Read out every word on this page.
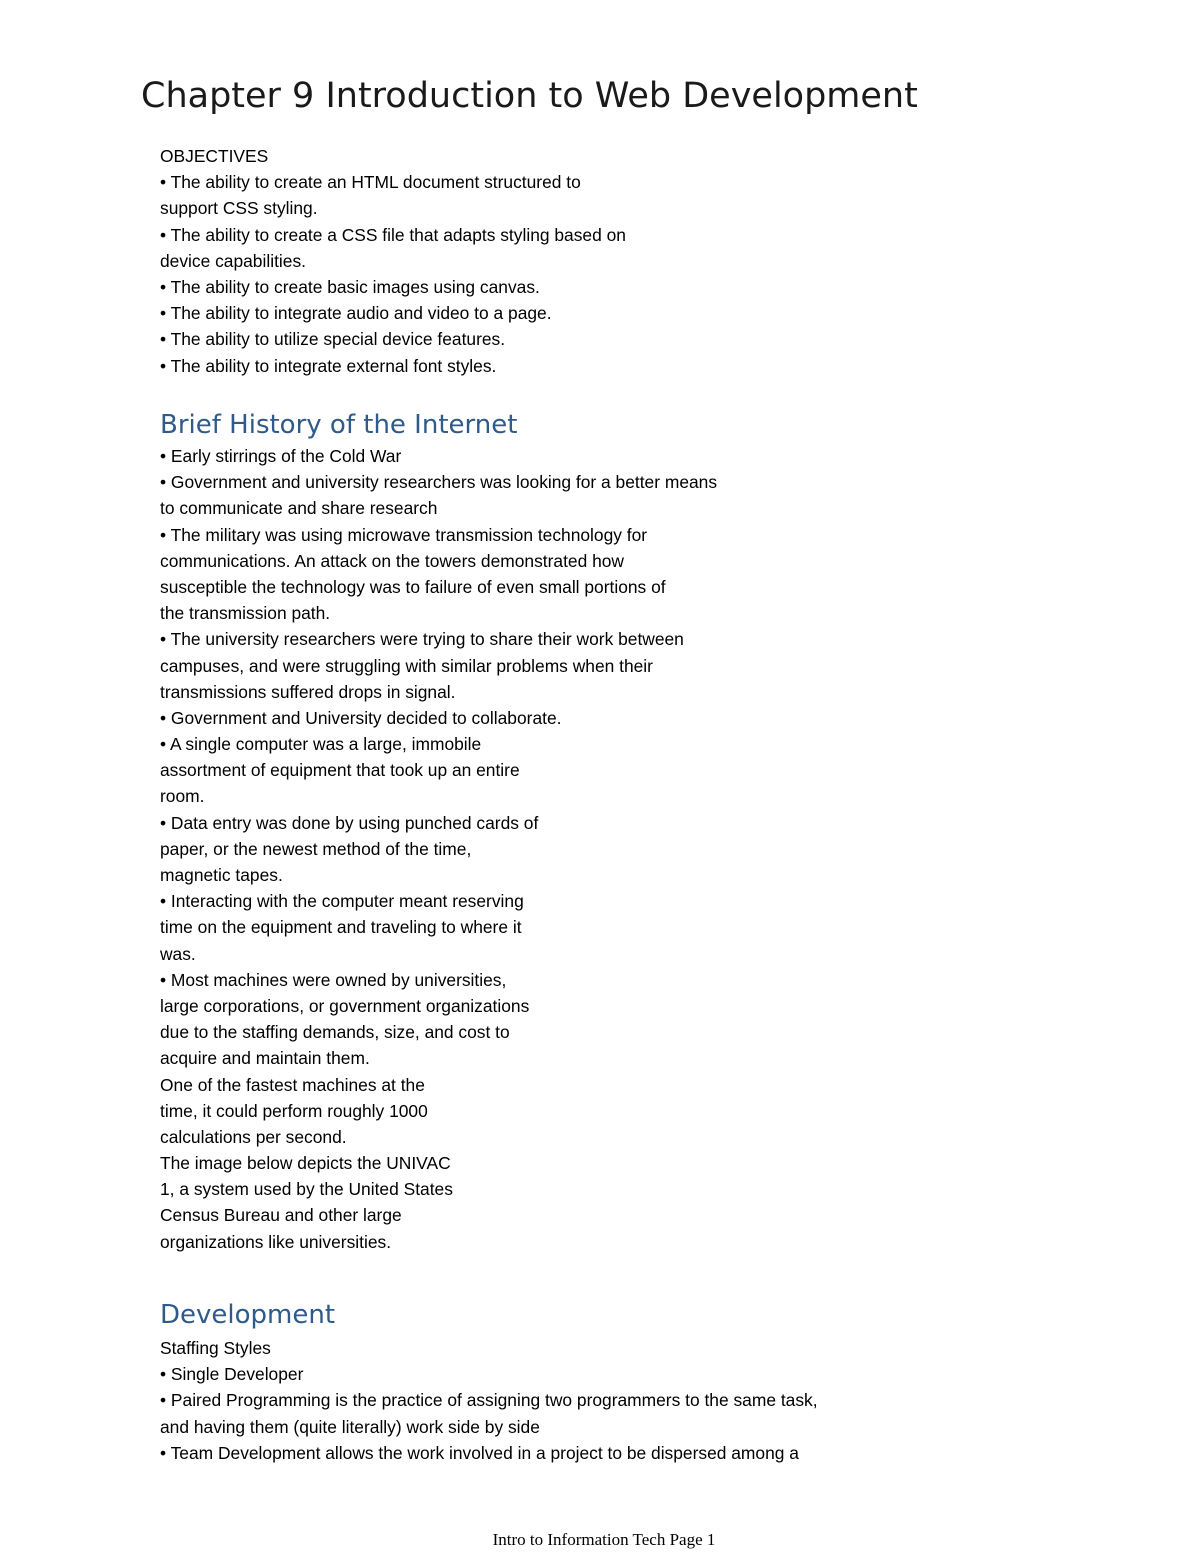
Chapter 9 Introduction to Web Development
OBJECTIVES
• The ability to create an HTML document structured to
support CSS styling.
• The ability to create a CSS file that adapts styling based on
device capabilities.
• The ability to create basic images using canvas.
• The ability to integrate audio and video to a page.
• The ability to utilize special device features.
• The ability to integrate external font styles.
Brief History of the Internet
• Early stirrings of the Cold War
• Government and university researchers was looking for a better means
to communicate and share research
• The military was using microwave transmission technology for
communications. An attack on the towers demonstrated how
susceptible the technology was to failure of even small portions of
the transmission path.
• The university researchers were trying to share their work between
campuses, and were struggling with similar problems when their
transmissions suffered drops in signal.
• Government and University decided to collaborate.
• A single computer was a large, immobile
assortment of equipment that took up an entire
room.
• Data entry was done by using punched cards of
paper, or the newest method of the time,
magnetic tapes.
• Interacting with the computer meant reserving
time on the equipment and traveling to where it
was.
• Most machines were owned by universities,
large corporations, or government organizations
due to the staffing demands, size, and cost to
acquire and maintain them.
One of the fastest machines at the
time, it could perform roughly 1000
calculations per second.
The image below depicts the UNIVAC
1, a system used by the United States
Census Bureau and other large
organizations like universities.
Development
Staffing Styles
• Single Developer
• Paired Programming is the practice of assigning two programmers to the same task,
and having them (quite literally) work side by side
• Team Development allows the work involved in a project to be dispersed among a
Intro to Information Tech Page 1
